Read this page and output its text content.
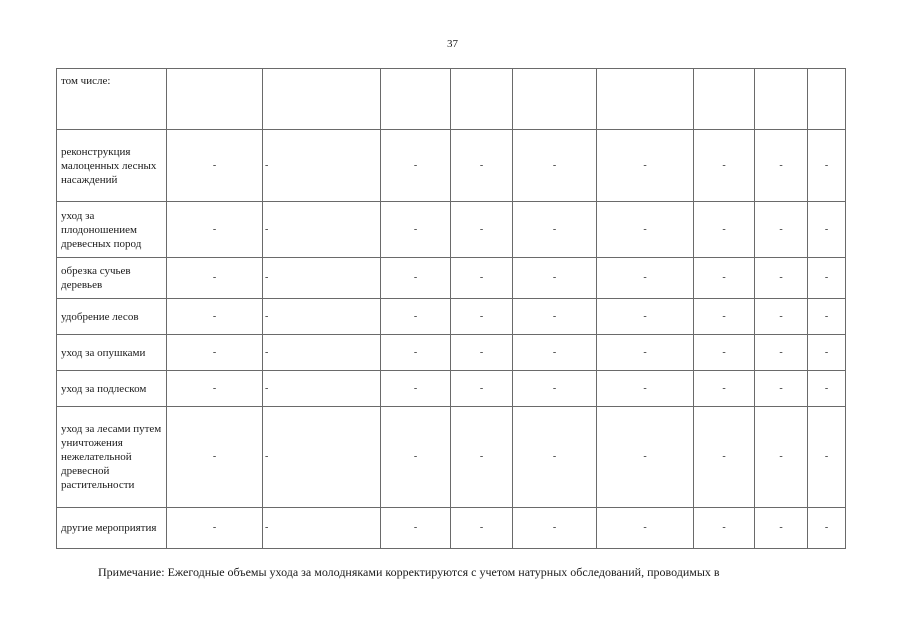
37
том числе:									
реконструкция малоценных лесных насаждений	-	-	-	-	-	-	-	-	-
уход за плодоношением древесных пород	-	-	-	-	-	-	-	-	-
обрезка сучьев деревьев	-	-	-	-	-	-	-	-	-
удобрение лесов	-	-	-	-	-	-	-	-	-
уход за опушками	-	-	-	-	-	-	-	-	-
уход за подлеском	-	-	-	-	-	-	-	-	-
уход за лесами путем уничтожения нежелательной древесной растительности	-	-	-	-	-	-	-	-	-
другие мероприятия	-	-	-	-	-	-	-	-	-
Примечание: Ежегодные объемы ухода за молодняками корректируются с учетом натурных обследований, проводимых в
